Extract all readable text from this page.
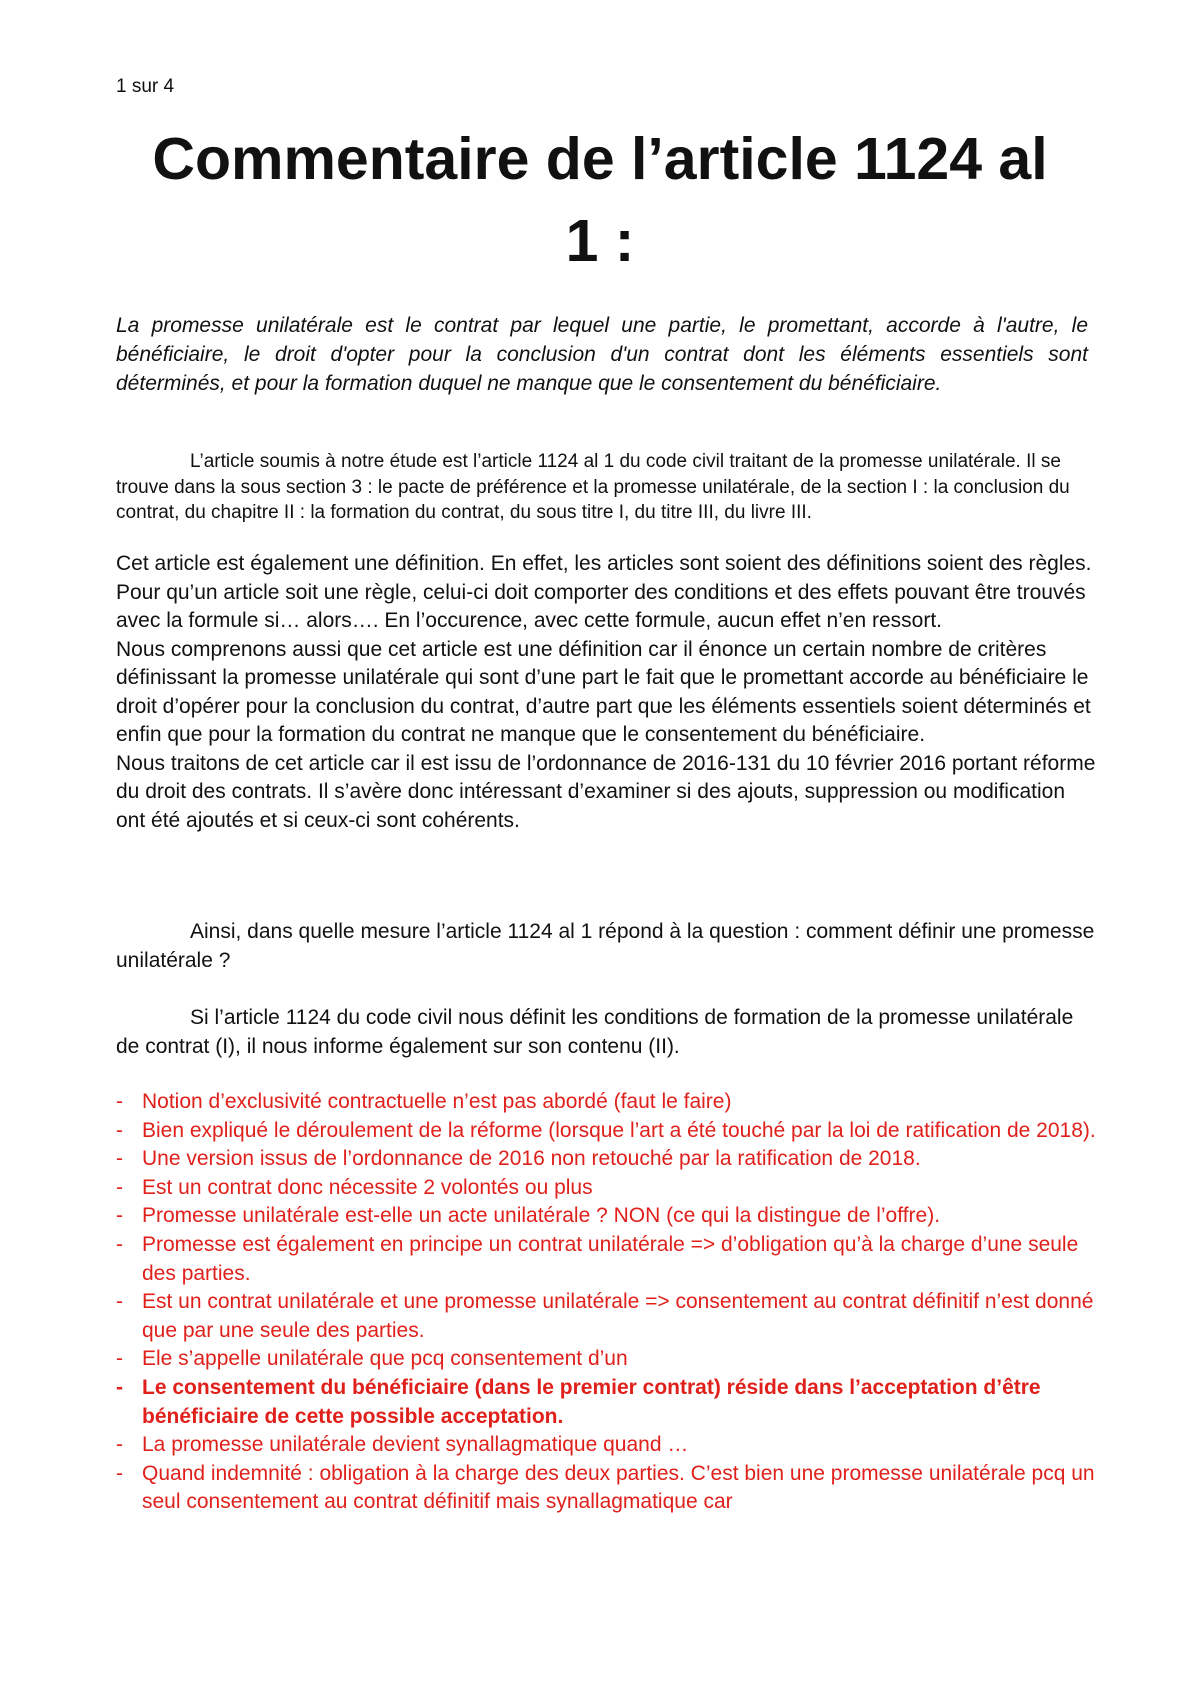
1 sur 4
Commentaire de l’article 1124 al
1 :

La promesse unilatérale est le contrat par lequel une partie, le promettant, accorde à l'autre, le bénéficiaire, le droit d'opter pour la conclusion d'un contrat dont les éléments essentiels sont déterminés, et pour la formation duquel ne manque que le consentement du bénéficiaire.

L’article soumis à notre étude est l’article 1124 al 1 du code civil traitant de la promesse unilatérale. Il se trouve dans la sous section 3 : le pacte de préférence et la promesse unilatérale, de la section I : la conclusion du contrat, du chapitre II : la formation du contrat, du sous titre I, du titre III, du livre III.

Cet article est également une définition. En effet, les articles sont soient des définitions soient des règles. Pour qu’un article soit une règle, celui-ci doit comporter des conditions et des effets pouvant être trouvés avec la formule si… alors…. En l’occurence, avec cette formule, aucun effet n’en ressort.

Nous comprenons aussi que cet article est une définition car il énonce un certain nombre de critères définissant la promesse unilatérale qui sont d’une part le fait que le promettant accorde au bénéficiaire le droit d’opérer pour la conclusion du contrat, d’autre part que les éléments essentiels soient déterminés et enfin que pour la formation du contrat ne manque que le consentement du bénéficiaire.

Nous traitons de cet article car il est issu de l’ordonnance de 2016-131 du 10 février 2016 portant réforme du droit des contrats. Il s’avère donc intéressant d’examiner si des ajouts, suppression ou modification ont été ajoutés et si ceux-ci sont cohérents.

Ainsi, dans quelle mesure l’article 1124 al 1 répond à la question : comment définir une promesse unilatérale ?

Si l’article 1124 du code civil nous définit les conditions de formation de la promesse unilatérale de contrat (I), il nous informe également sur son contenu (II).

- Notion d’exclusivité contractuelle n’est pas abordé (faut le faire)
- Bien expliqué le déroulement de la réforme (lorsque l’art a été touché par la loi de ratification de 2018).
- Une version issus de l’ordonnance de 2016 non retouché par la ratification de 2018.
- Est un contrat donc nécessite 2 volontés ou plus
- Promesse unilatérale est-elle un acte unilatérale ? NON (ce qui la distingue de l’offre).
- Promesse est également en principe un contrat unilatérale => d’obligation qu’à la charge d’une seule des parties.
- Est un contrat unilatérale et une promesse unilatérale => consentement au contrat définitif n’est donné que par une seule des parties.
- Ele s’appelle unilatérale que pcq consentement d’un
- Le consentement du bénéficiaire (dans le premier contrat) réside dans l’acceptation d’être bénéficiaire de cette possible acceptation.
- La promesse unilatérale devient synallagmatique quand …
- Quand indemnité : obligation à la charge des deux parties. C’est bien une promesse unilatérale pcq un seul consentement au contrat définitif mais synallagmatique car
